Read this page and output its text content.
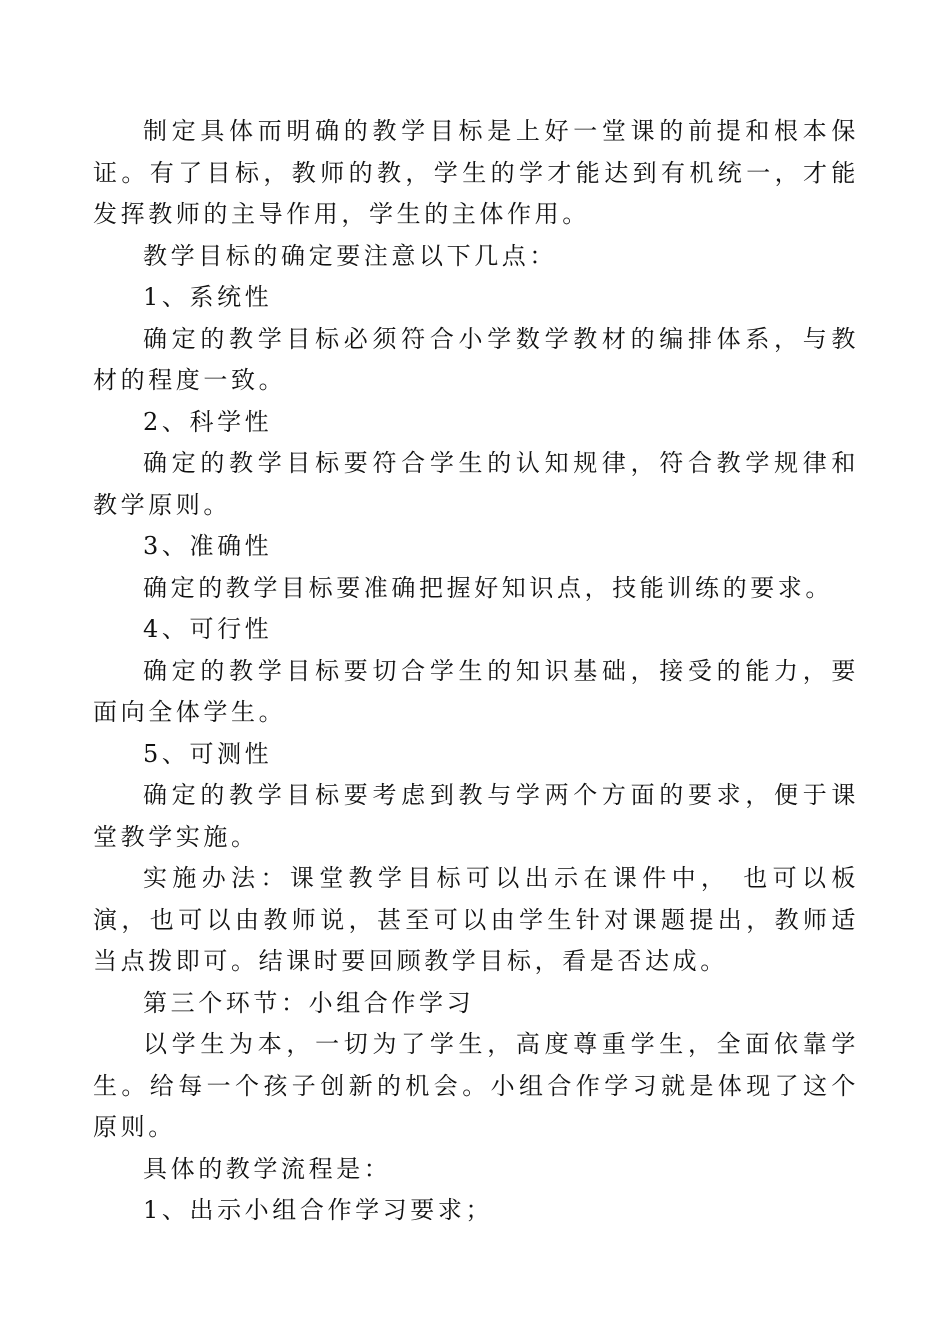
制定具体而明确的教学目标是上好一堂课的前提和根本保证。有了目标，教师的教，学生的学才能达到有机统一，才能发挥教师的主导作用，学生的主体作用。

教学目标的确定要注意以下几点：

1、系统性

确定的教学目标必须符合小学数学教材的编排体系，与教材的程度一致。

2、科学性

确定的教学目标要符合学生的认知规律，符合教学规律和教学原则。

3、准确性

确定的教学目标要准确把握好知识点，技能训练的要求。

4、可行性

确定的教学目标要切合学生的知识基础，接受的能力，要面向全体学生。

5、可测性

确定的教学目标要考虑到教与学两个方面的要求，便于课堂教学实施。

实施办法：课堂教学目标可以出示在课件中， 也可以板演，也可以由教师说，甚至可以由学生针对课题提出，教师适当点拨即可。结课时要回顾教学目标，看是否达成。

第三个环节：小组合作学习

以学生为本，一切为了学生，高度尊重学生，全面依靠学生。给每一个孩子创新的机会。小组合作学习就是体现了这个原则。

具体的教学流程是：

1、出示小组合作学习要求；
